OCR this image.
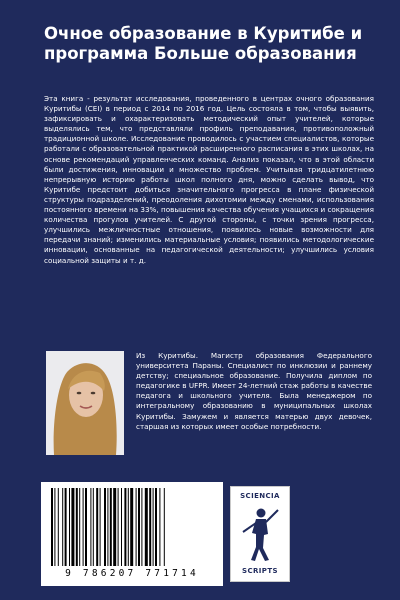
Очное образование в Куритибе и программа Больше образования

Эта книга - результат исследования, проведенного в центрах очного образования Куритибы (CEI) в период с 2014 по 2016 год. Цель состояла в том, чтобы выявить, зафиксировать и охарактеризовать методический опыт учителей, которые выделялись тем, что представляли профиль преподавания, противоположный традиционной школе. Исследование проводилось с участием специалистов, которые работали с образовательной практикой расширенного расписания в этих школах, на основе рекомендаций управленческих команд. Анализ показал, что в этой области были достижения, инновации и множество проблем. Учитывая тридцатилетнюю непрерывную историю работы школ полного дня, можно сделать вывод, что Куритибе предстоит добиться значительного прогресса в плане физической структуры подразделений, преодоления дихотомии между сменами, использования постоянного времени на 33%, повышения качества обучения учащихся и сокращения количества прогулов учителей. С другой стороны, с точки зрения прогресса, улучшились межличностные отношения, появилось новые возможности для передачи знаний; изменились материальные условия; появились методологические инновации, основанные на педагогической деятельности; улучшились условия социальной защиты и т. д.

Из Куритибы. Магистр образования Федерального университета Параны. Специалист по инклюзии и раннему детству; специальное образование. Получила диплом по педагогике в UFPR. Имеет 24-летний стаж работы в качестве педагога и школьного учителя. Была менеджером по интегральному образованию в муниципальных школах Куритибы. Замужем и является матерью двух девочек, старшая из которых имеет особые потребности.

9 786207 771714
SCIENCIA
SCRIPTS
